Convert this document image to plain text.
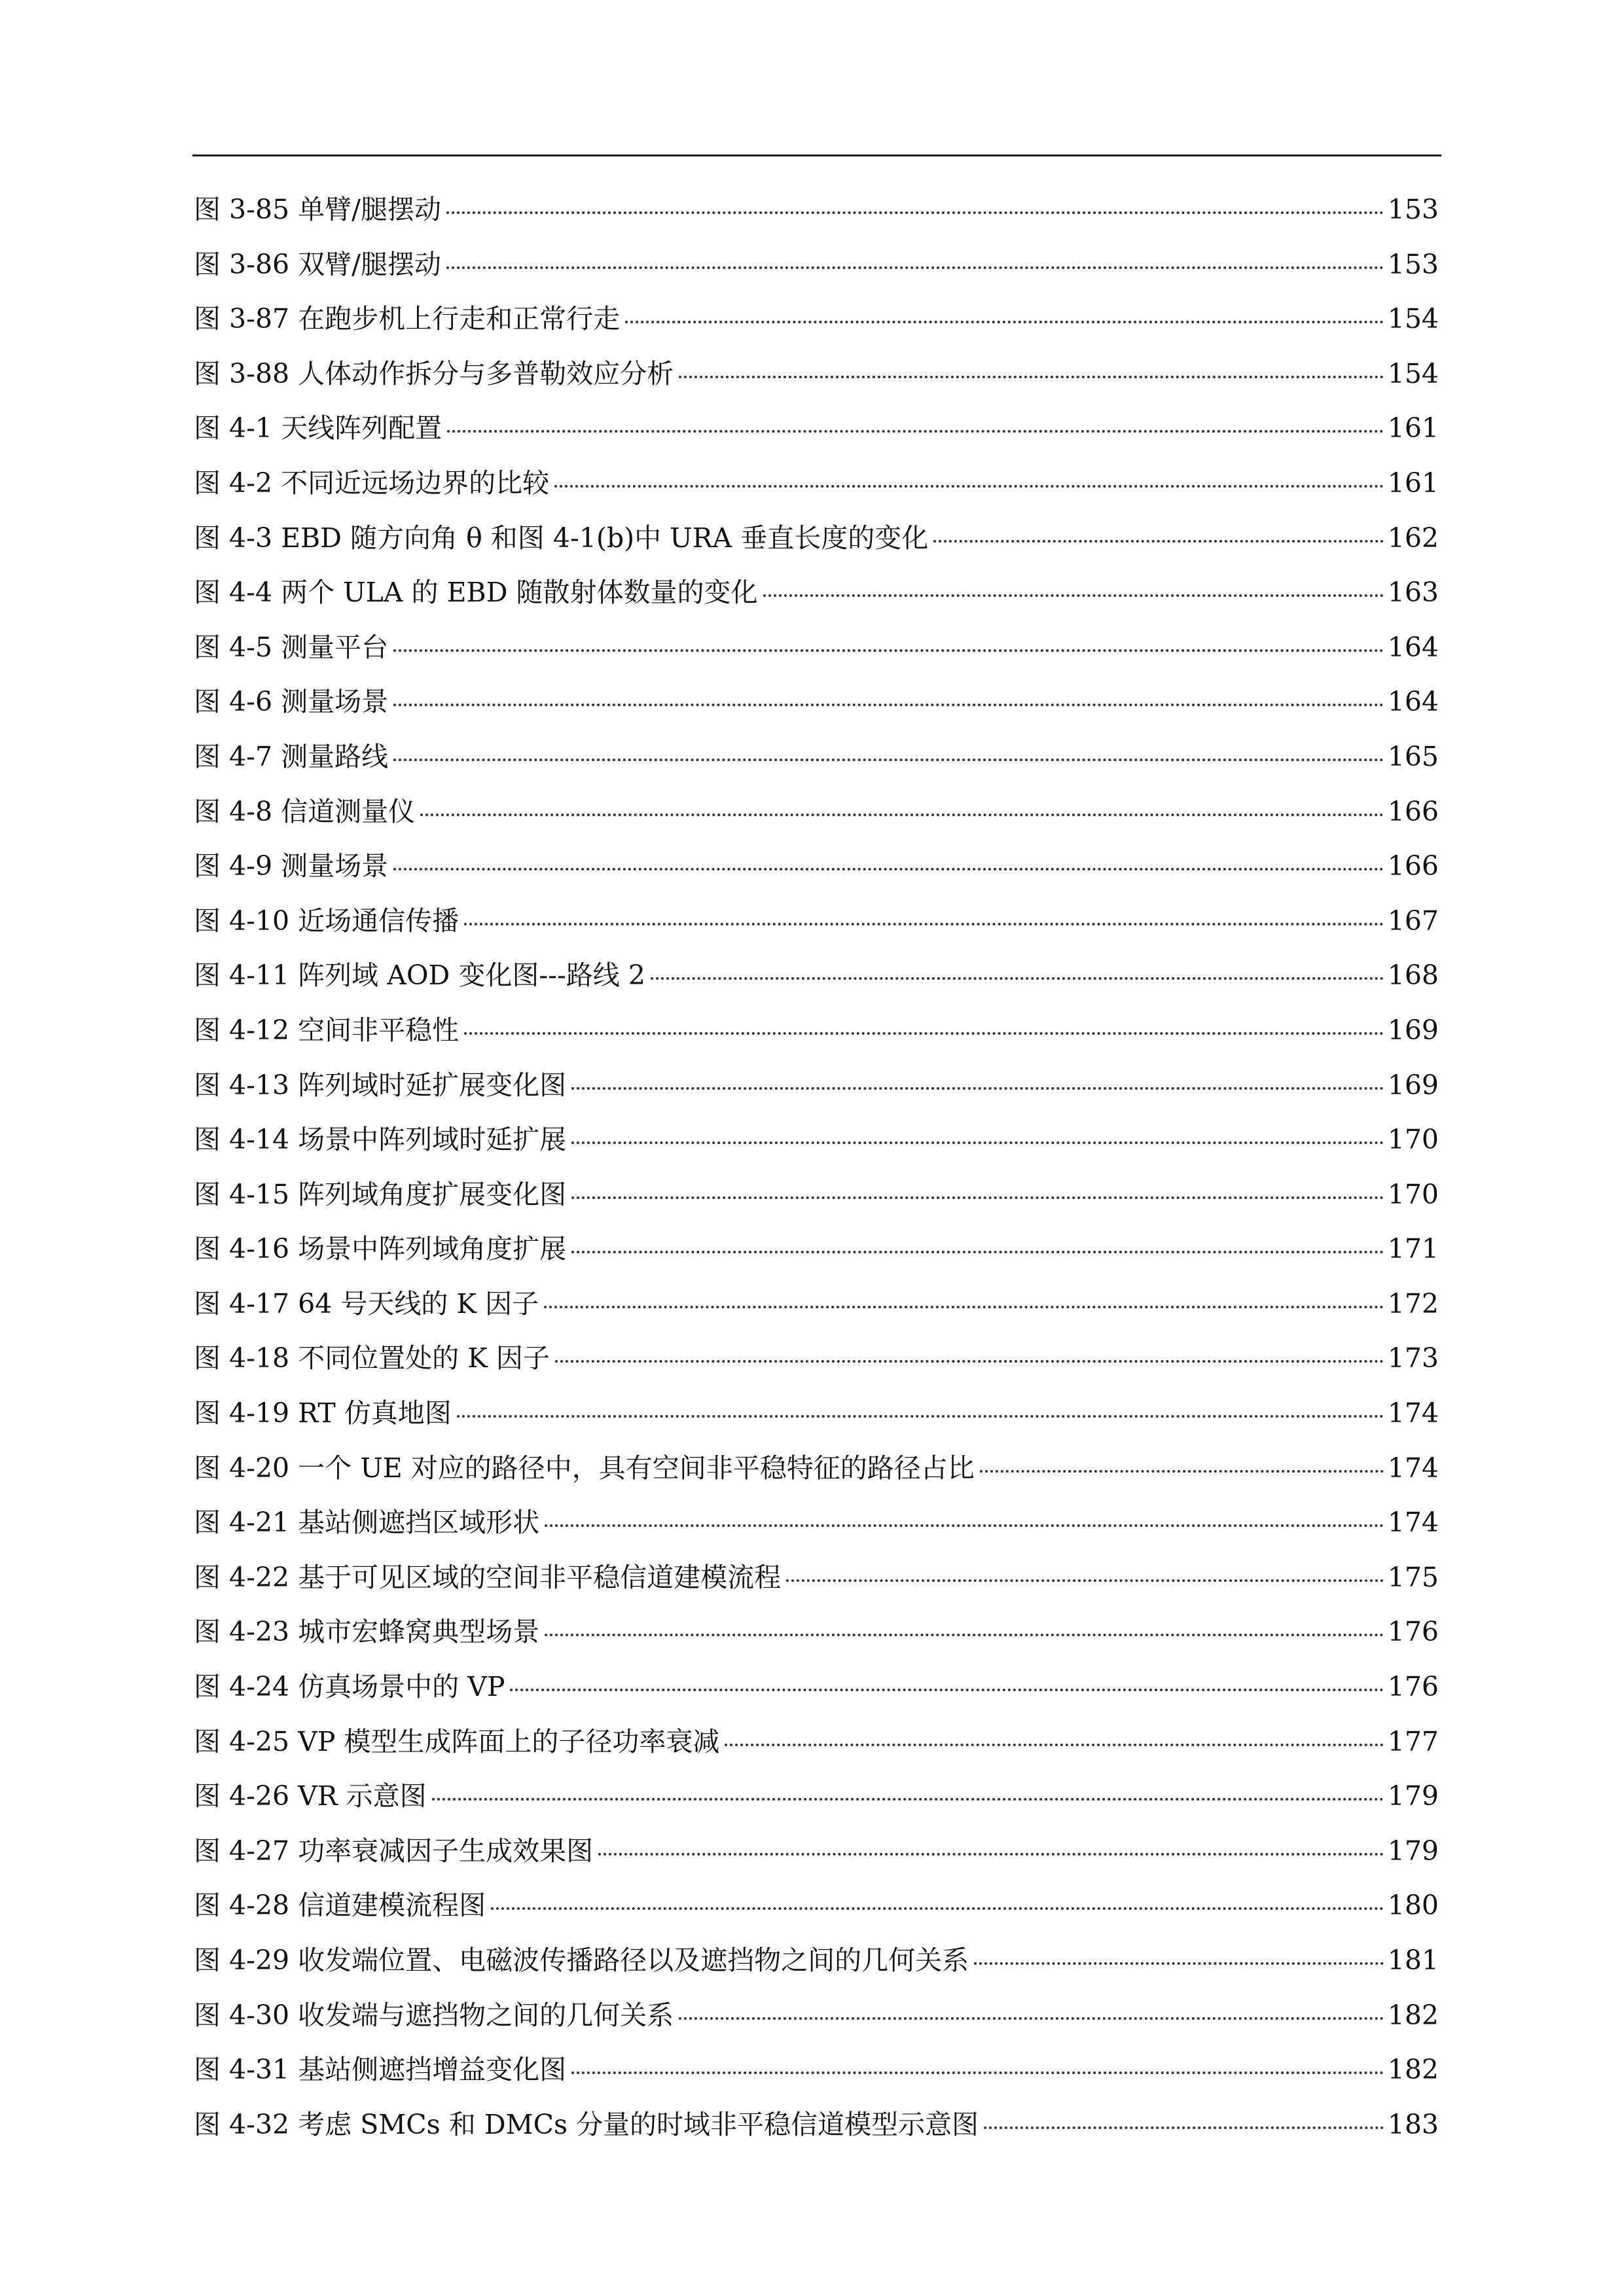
图 3-85 单臂/腿摆动	153
图 3-86 双臂/腿摆动	153
图 3-87 在跑步机上行走和正常行走	154
图 3-88 人体动作拆分与多普勒效应分析	154
图 4-1 天线阵列配置	161
图 4-2 不同近远场边界的比较	161
图 4-3 EBD 随方向角 θ 和图 4-1(b)中 URA 垂直长度的变化	162
图 4-4 两个 ULA 的 EBD 随散射体数量的变化	163
图 4-5 测量平台	164
图 4-6 测量场景	164
图 4-7 测量路线	165
图 4-8 信道测量仪	166
图 4-9 测量场景	166
图 4-10 近场通信传播	167
图 4-11 阵列域 AOD 变化图---路线 2	168
图 4-12 空间非平稳性	169
图 4-13 阵列域时延扩展变化图	169
图 4-14 场景中阵列域时延扩展	170
图 4-15 阵列域角度扩展变化图	170
图 4-16 场景中阵列域角度扩展	171
图 4-17 64 号天线的 K 因子	172
图 4-18 不同位置处的 K 因子	173
图 4-19 RT 仿真地图	174
图 4-20 一个 UE 对应的路径中，具有空间非平稳特征的路径占比	174
图 4-21 基站侧遮挡区域形状	174
图 4-22 基于可见区域的空间非平稳信道建模流程	175
图 4-23 城市宏蜂窝典型场景	176
图 4-24 仿真场景中的 VP	176
图 4-25 VP 模型生成阵面上的子径功率衰减	177
图 4-26 VR 示意图	179
图 4-27 功率衰减因子生成效果图	179
图 4-28 信道建模流程图	180
图 4-29 收发端位置、电磁波传播路径以及遮挡物之间的几何关系	181
图 4-30 收发端与遮挡物之间的几何关系	182
图 4-31 基站侧遮挡增益变化图	182
图 4-32 考虑 SMCs 和 DMCs 分量的时域非平稳信道模型示意图	183
